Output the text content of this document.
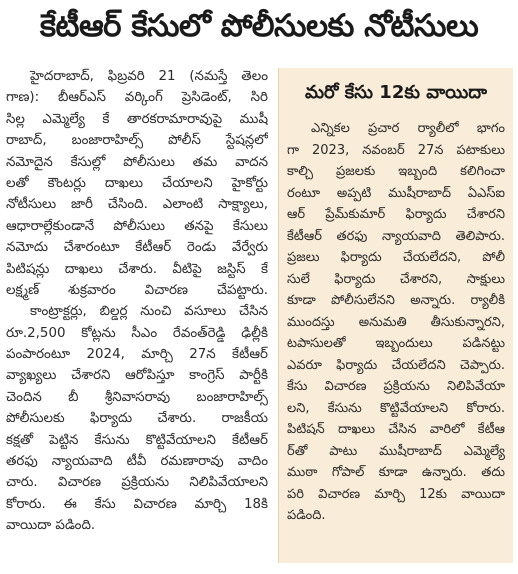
కేటీఆర్ కేసులో పోలీసులకు నోటీసులు
హైదరాబాద్, ఫిబ్రవరి 21 (నమస్తే తెలం
గాణ): బీఆర్ఎస్ వర్కింగ్ ప్రెసిడెంట్, సిరి
సిల్ల ఎమ్మెల్యే కే తారకరామారావుపై ముషీ
రాబాద్, బంజారాహిల్స్ పోలీస్ స్టేషన్లలో
నమోదైన కేసుల్లో పోలీసులు తమ వాదన
లతో కౌంటర్లు దాఖలు చేయాలని హైకోర్టు
నోటీసులు జారీ చేసింది. ఎలాంటి సాక్ష్యాలు,
ఆధారాల్లేకుండానే పోలీసులు తనపై కేసులు
నమోదు చేశారంటూ కేటీఆర్ రెండు వేర్వేరు
పిటిషన్లు దాఖలు చేశారు. వీటిపై జస్టిస్ కే
లక్ష్మణ్ శుక్రవారం విచారణ చేపట్టారు.
కాంట్రాక్టర్లు, బిల్డర్ల నుంచి వసూలు చేసిన
రూ.2,500 కోట్లను సీఎం రేవంత్‌రెడ్డి ఢిల్లీకి
పంపారంటూ 2024, మార్చి 27న కేటీఆర్
వ్యాఖ్యలు చేశారని ఆరోపిస్తూ కాంగ్రెస్ పార్టీకి
చెందిన బీ శ్రీనివాసరావు బంజారాహిల్స్
పోలీసులకు ఫిర్యాదు చేశారు. రాజకీయ
కక్షతో పెట్టిన కేసును కొట్టివేయాలని కేటీఆర్
తరఫు న్యాయవాది టీవీ రమణారావు వాదిం
చారు. విచారణ ప్రక్రియను నిలిపివేయాలని
కోరారు. ఈ కేసు విచారణ మార్చి 18కి
వాయిదా పడింది.
మరో కేసు 12కు వాయిదా
ఎన్నికల ప్రచార ర్యాలీలో భాగం
గా 2023, నవంబర్ 27న పటాకులు
కాల్చి ప్రజలకు ఇబ్బంది కలిగించా
రంటూ అప్పటి ముషీరాబాద్ ఏఎస్ఐ
ఆర్ ప్రేమ్‌కుమార్ ఫిర్యాదు చేశారని
కేటీఆర్ తరఫు న్యాయవాది తెలిపారు.
ప్రజలు ఫిర్యాదు చేయలేదని, పోలీ
సులే ఫిర్యాదు చేశారని, సాక్షులు
కూడా పోలీసులేనని అన్నారు. ర్యాలీకి
ముందస్తు అనుమతి తీసుకున్నారని,
టపాసులతో ఇబ్బందులు పడినట్టు
ఎవరూ ఫిర్యాదు చేయలేదని చెప్పారు.
కేసు విచారణ ప్రక్రియను నిలిపివేయా
లని, కేసును కొట్టివేయాలని కోరారు.
పిటిషన్ దాఖలు చేసిన వారిలో కేటీఆ
ర్‌తో పాటు ముషీరాబాద్ ఎమ్మెల్యే
ముఠా గోపాల్ కూడా ఉన్నారు. తదు
పరి విచారణ మార్చి 12కు వాయిదా
పడింది.
